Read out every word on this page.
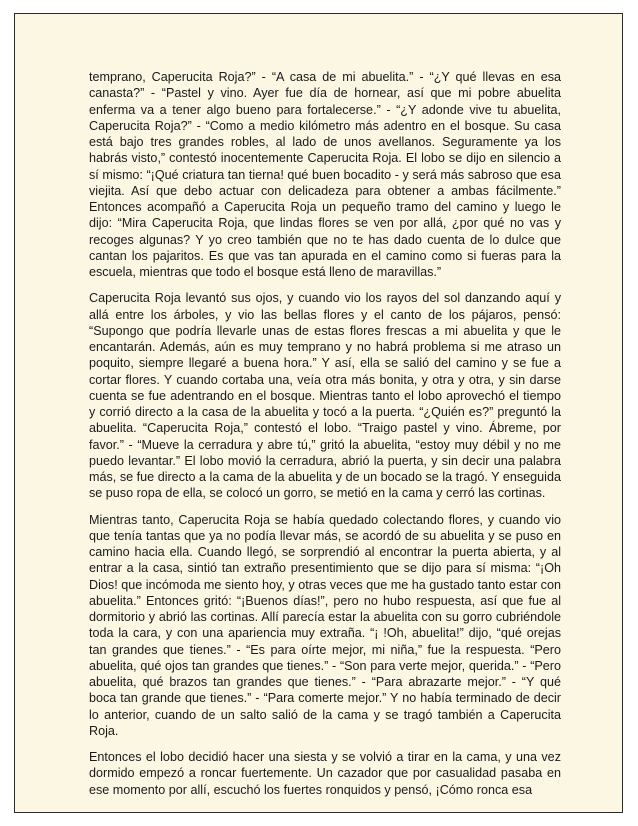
temprano, Caperucita Roja?” - “A casa de mi abuelita.” - “¿Y qué llevas en esa canasta?” - “Pastel y vino. Ayer fue día de hornear, así que mi pobre abuelita enferma va a tener algo bueno para fortalecerse.” - “¿Y adonde vive tu abuelita, Caperucita Roja?” - “Como a medio kilómetro más adentro en el bosque. Su casa está bajo tres grandes robles, al lado de unos avellanos. Seguramente ya los habrás visto,” contestó inocentemente Caperucita Roja. El lobo se dijo en silencio a sí mismo: “¡Qué criatura tan tierna! qué buen bocadito - y será más sabroso que esa viejita. Así que debo actuar con delicadeza para obtener a ambas fácilmente.” Entonces acompañó a Caperucita Roja un pequeño tramo del camino y luego le dijo: “Mira Caperucita Roja, que lindas flores se ven por allá, ¿por qué no vas y recoges algunas? Y yo creo también que no te has dado cuenta de lo dulce que cantan los pajaritos. Es que vas tan apurada en el camino como si fueras para la escuela, mientras que todo el bosque está lleno de maravillas.”

Caperucita Roja levantó sus ojos, y cuando vio los rayos del sol danzando aquí y allá entre los árboles, y vio las bellas flores y el canto de los pájaros, pensó: “Supongo que podría llevarle unas de estas flores frescas a mi abuelita y que le encantarán. Además, aún es muy temprano y no habrá problema si me atraso un poquito, siempre llegaré a buena hora.” Y así, ella se salió del camino y se fue a cortar flores. Y cuando cortaba una, veía otra más bonita, y otra y otra, y sin darse cuenta se fue adentrando en el bosque. Mientras tanto el lobo aprovechó el tiempo y corrió directo a la casa de la abuelita y tocó a la puerta. “¿Quién es?” preguntó la abuelita. “Caperucita Roja,” contestó el lobo. “Traigo pastel y vino. Ábreme, por favor.” - “Mueve la cerradura y abre tú,” gritó la abuelita, “estoy muy débil y no me puedo levantar.” El lobo movió la cerradura, abrió la puerta, y sin decir una palabra más, se fue directo a la cama de la abuelita y de un bocado se la tragó. Y enseguida se puso ropa de ella, se colocó un gorro, se metió en la cama y cerró las cortinas.

Mientras tanto, Caperucita Roja se había quedado colectando flores, y cuando vio que tenía tantas que ya no podía llevar más, se acordó de su abuelita y se puso en camino hacia ella. Cuando llegó, se sorprendió al encontrar la puerta abierta, y al entrar a la casa, sintió tan extraño presentimiento que se dijo para sí misma: “¡Oh Dios! que incómoda me siento hoy, y otras veces que me ha gustado tanto estar con abuelita.” Entonces gritó: “¡Buenos días!”, pero no hubo respuesta, así que fue al dormitorio y abrió las cortinas. Allí parecía estar la abuelita con su gorro cubriéndole toda la cara, y con una apariencia muy extraña. “¡ !Oh, abuelita!” dijo, “qué orejas tan grandes que tienes.” - “Es para oírte mejor, mi niña,” fue la respuesta. “Pero abuelita, qué ojos tan grandes que tienes.” - “Son para verte mejor, querida.” - “Pero abuelita, qué brazos tan grandes que tienes.” - “Para abrazarte mejor.” - “Y qué boca tan grande que tienes.” - “Para comerte mejor.” Y no había terminado de decir lo anterior, cuando de un salto salió de la cama y se tragó también a Caperucita Roja.

Entonces el lobo decidió hacer una siesta y se volvió a tirar en la cama, y una vez dormido empezó a roncar fuertemente. Un cazador que por casualidad pasaba en ese momento por allí, escuchó los fuertes ronquidos y pensó, ¡Cómo ronca esa
